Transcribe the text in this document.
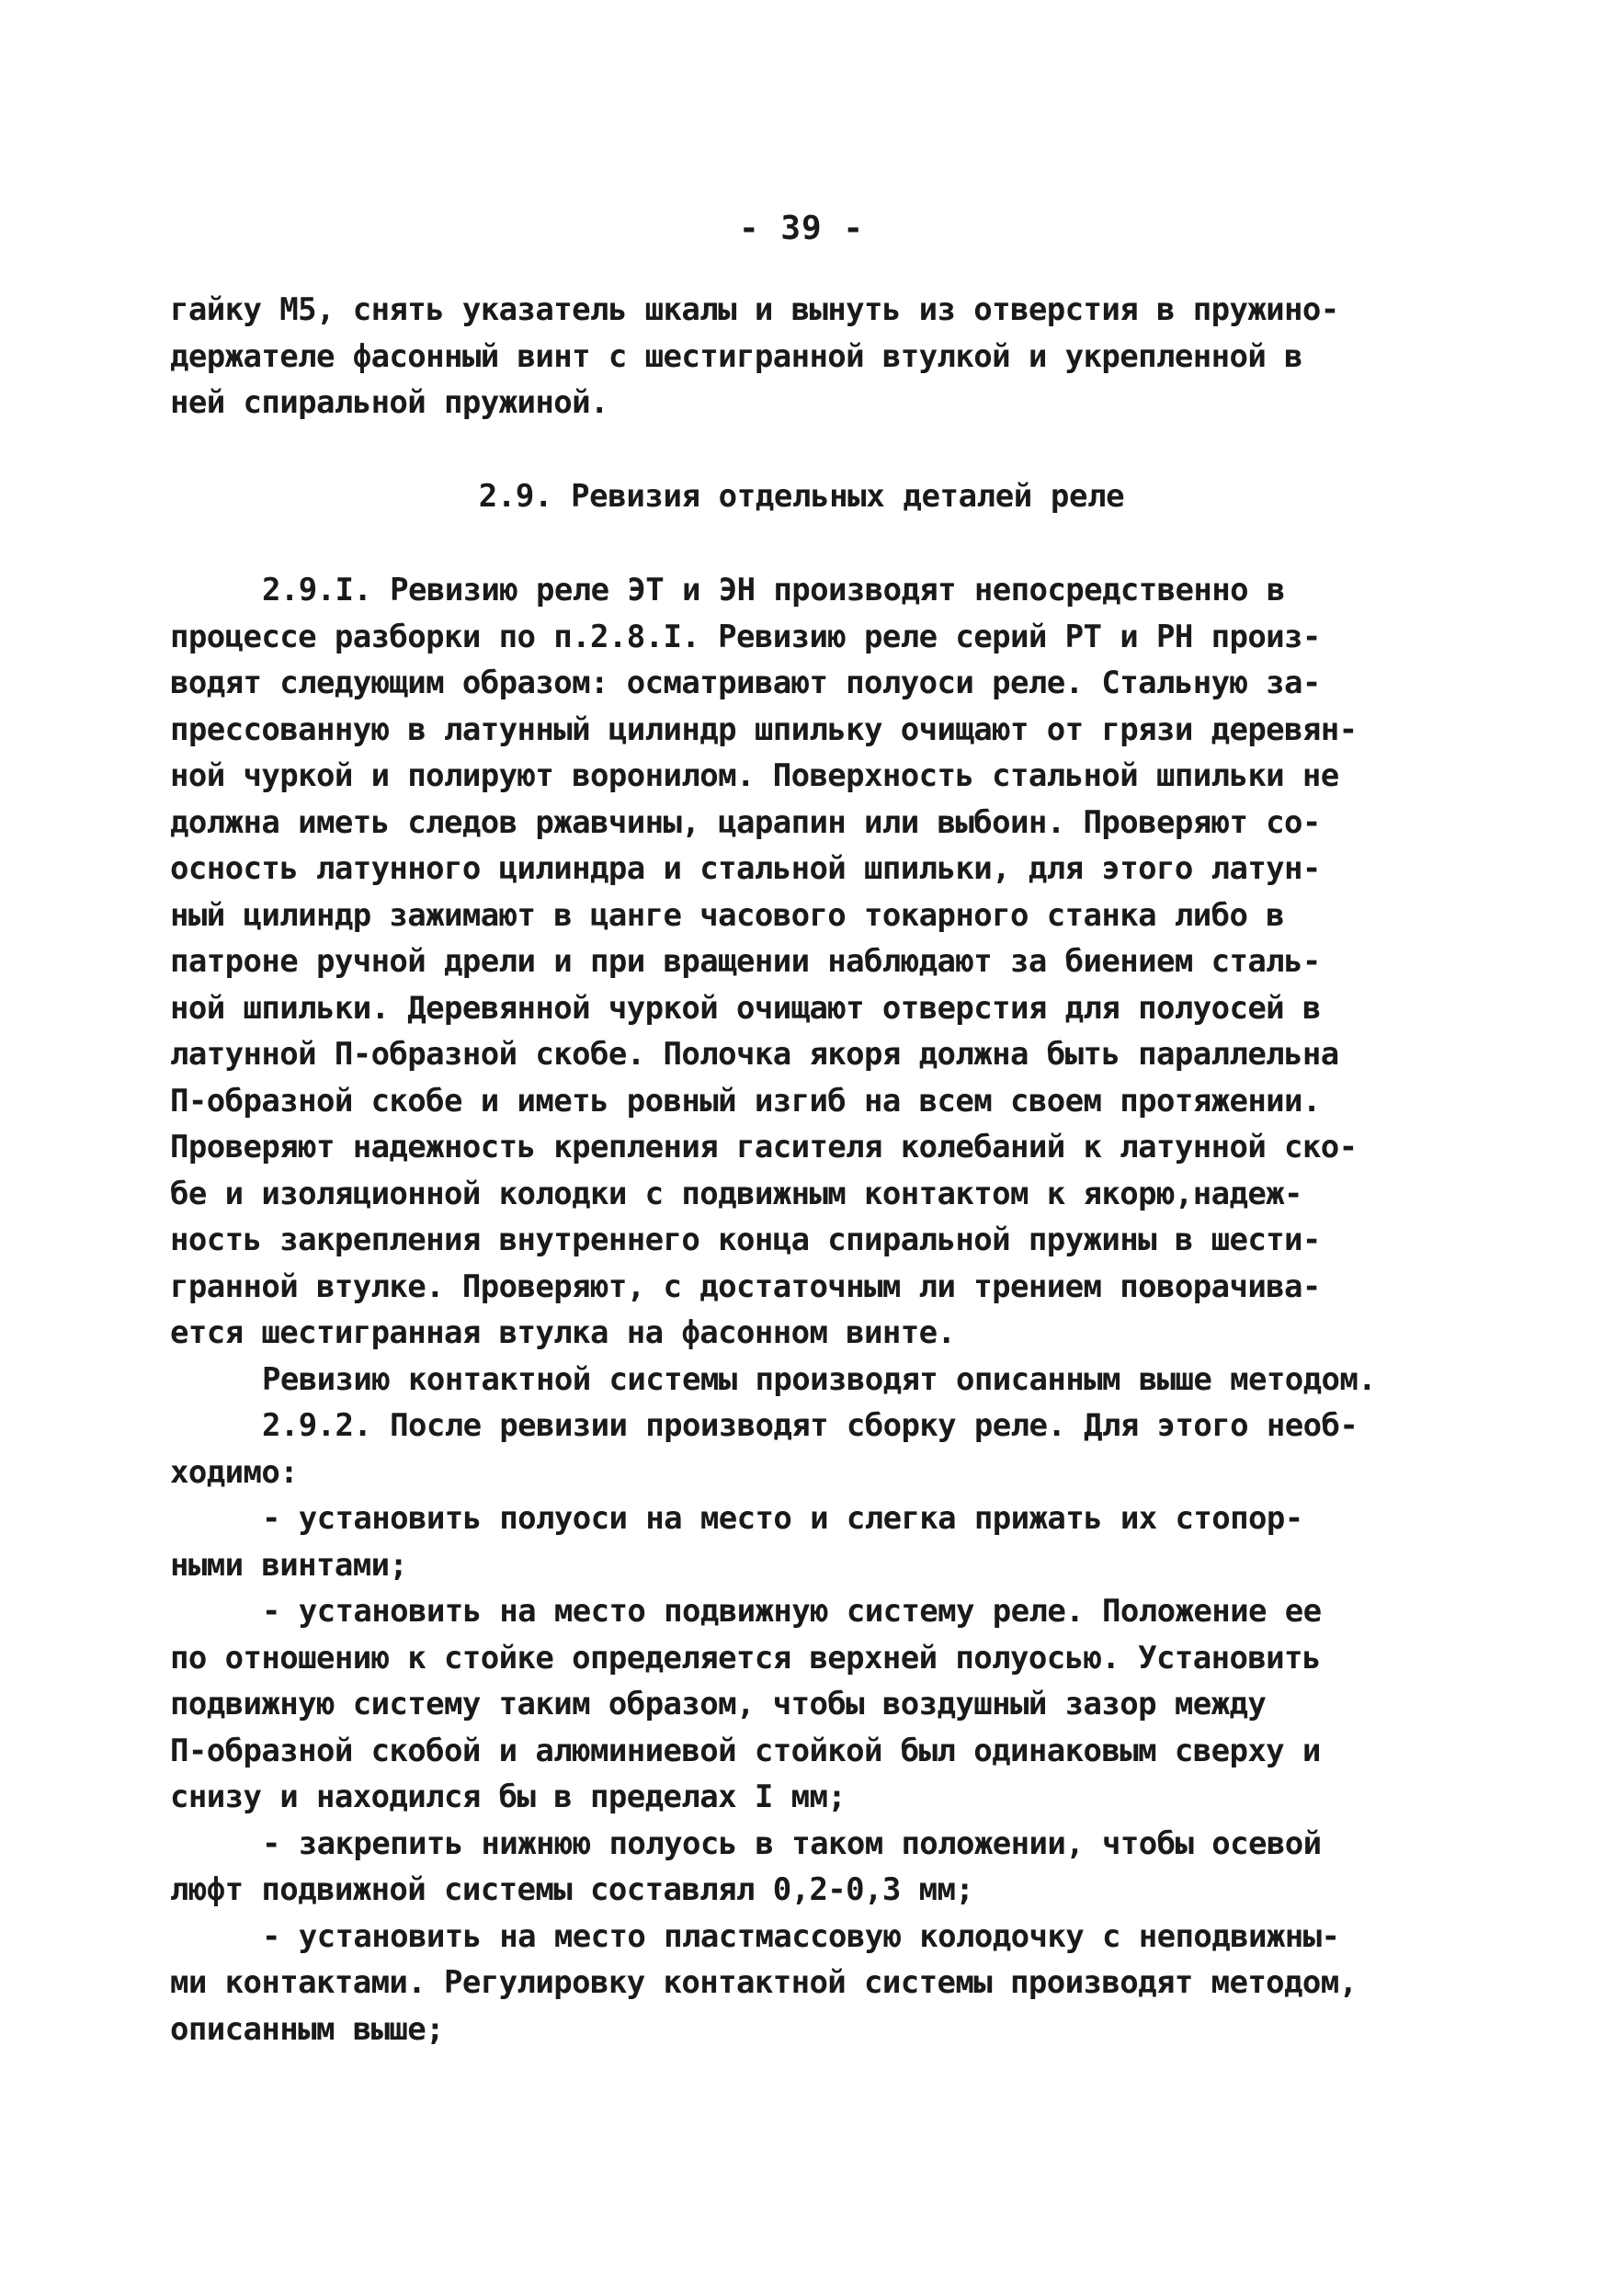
- 39 -
гайку М5, снять указатель шкалы и вынуть из отверстия в пружино-
держателе фасонный винт с шестигранной втулкой и укрепленной в
ней спиральной пружиной.
2.9. Ревизия отдельных деталей реле
2.9.I. Ревизию реле ЭТ и ЭН производят непосредственно в
процессе разборки по п.2.8.I. Ревизию реле серий РТ и РН произ-
водят следующим образом: осматривают полуоси реле. Стальную за-
прессованную в латунный цилиндр шпильку очищают от грязи деревян-
ной чуркой и полируют воронилом. Поверхность стальной шпильки не
должна иметь следов ржавчины, царапин или выбоин. Проверяют со-
осность латунного цилиндра и стальной шпильки, для этого латун-
ный цилиндр зажимают в цанге часового токарного станка либо в
патроне ручной дрели и при вращении наблюдают за биением сталь-
ной шпильки. Деревянной чуркой очищают отверстия для полуосей в
латунной П-образной скобе. Полочка якоря должна быть параллельна
П-образной скобе и иметь ровный изгиб на всем своем протяжении.
Проверяют надежность крепления гасителя колебаний к латунной ско-
бе и изоляционной колодки с подвижным контактом к якорю,надеж-
ность закрепления внутреннего конца спиральной пружины в шести-
гранной втулке. Проверяют, с достаточным ли трением поворачива-
ется шестигранная втулка на фасонном винте.
Ревизию контактной системы производят описанным выше методом.
2.9.2. После ревизии производят сборку реле. Для этого необ-
ходимо:
- установить полуоси на место и слегка прижать их стопор-
ными винтами;
- установить на место подвижную систему реле. Положение ее
по отношению к стойке определяется верхней полуосью. Установить
подвижную систему таким образом, чтобы воздушный зазор между
П-образной скобой и алюминиевой стойкой был одинаковым сверху и
снизу и находился бы в пределах I мм;
- закрепить нижнюю полуось в таком положении, чтобы осевой
люфт подвижной системы составлял 0,2-0,3 мм;
- установить на место пластмассовую колодочку с неподвижны-
ми контактами. Регулировку контактной системы производят методом,
описанным выше;
